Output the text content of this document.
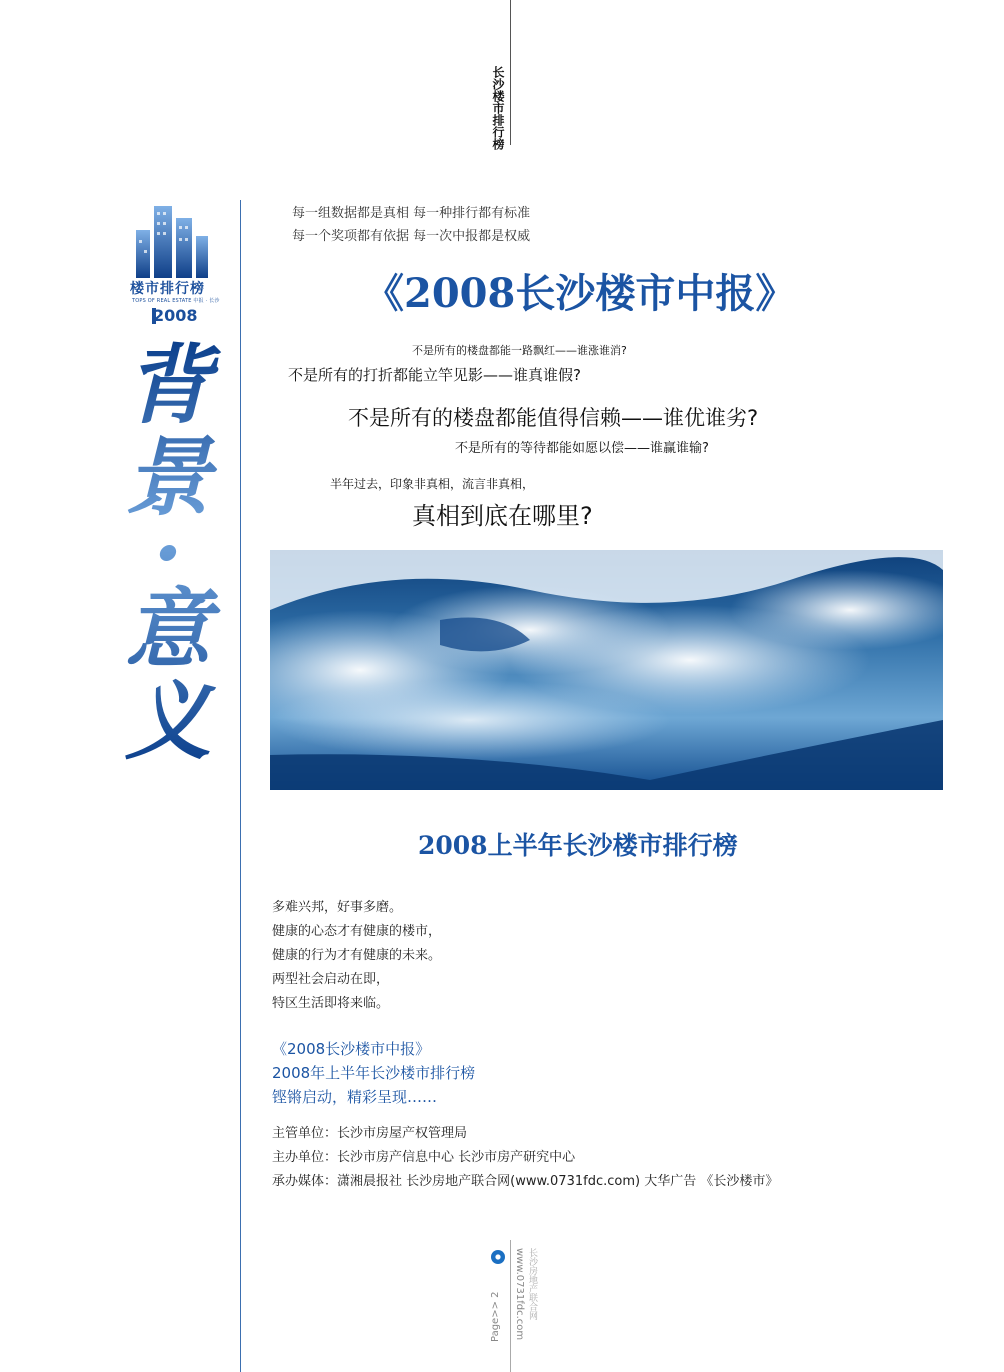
长沙楼市排行榜
楼市排行榜
TOPS OF REAL ESTATE 中报 · 长沙
2008
背
景
·
意
义
每一组数据都是真相 每一种排行都有标准
每一个奖项都有依据 每一次中报都是权威
《2008长沙楼市中报》
不是所有的楼盘都能一路飘红——谁涨谁消?
不是所有的打折都能立竿见影——谁真谁假?
不是所有的楼盘都能值得信赖——谁优谁劣?
不是所有的等待都能如愿以偿——谁赢谁输?
半年过去，印象非真相，流言非真相，
真相到底在哪里?
2008上半年长沙楼市排行榜
多难兴邦，好事多磨。
健康的心态才有健康的楼市，
健康的行为才有健康的未来。
两型社会启动在即，
特区生活即将来临。
《2008长沙楼市中报》
2008年上半年长沙楼市排行榜
铿锵启动，精彩呈现……
主管单位：长沙市房屋产权管理局
主办单位：长沙市房产信息中心 长沙市房产研究中心
承办媒体：潇湘晨报社 长沙房地产联合网(www.0731fdc.com) 大华广告 《长沙楼市》
Page>> 2 www.0731fdc.com 长沙房地产联合网
